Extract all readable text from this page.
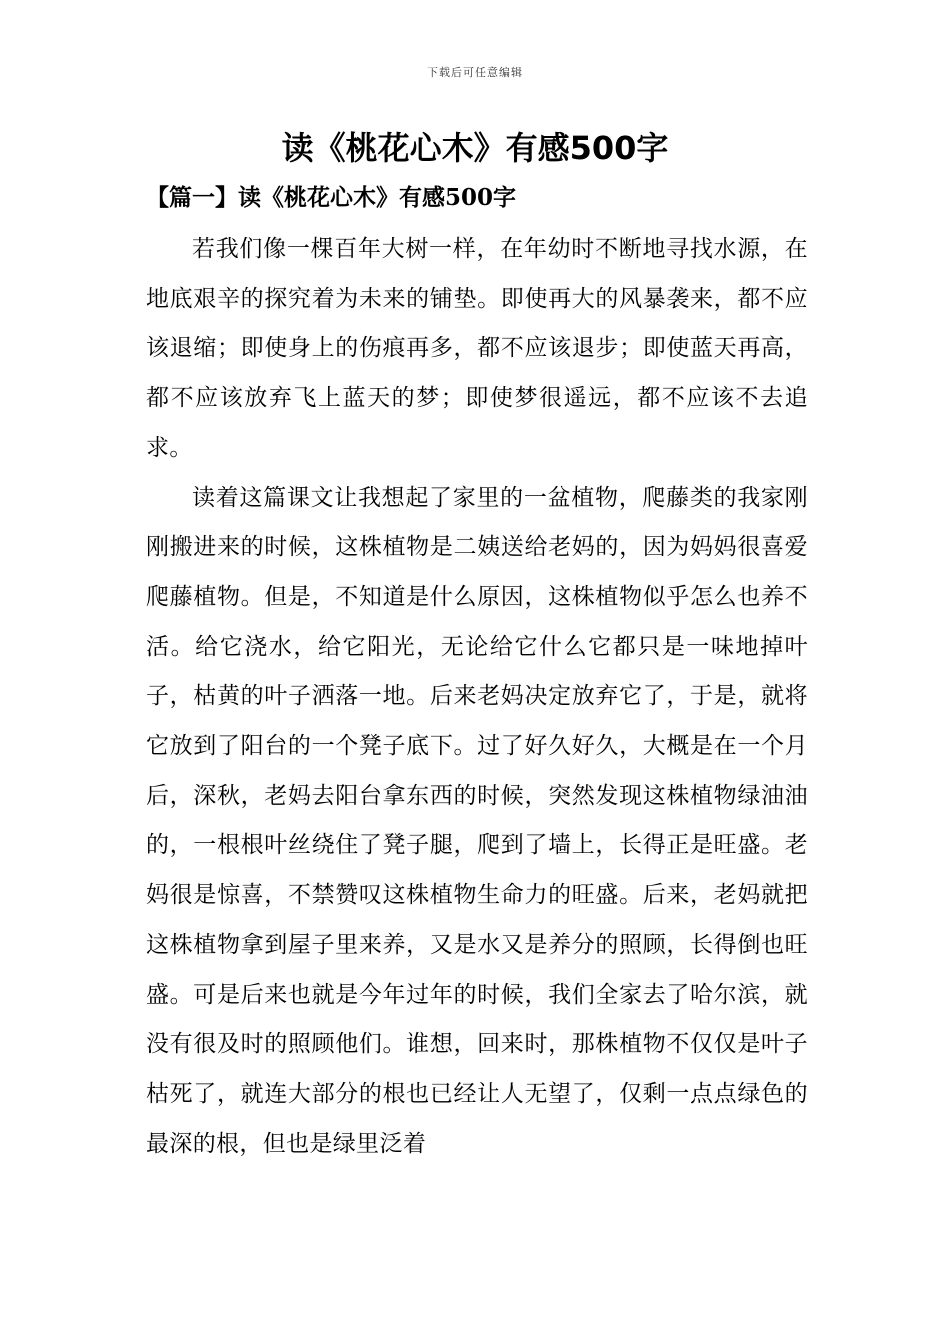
下载后可任意编辑
读《桃花心木》有感500字
【篇一】读《桃花心木》有感500字

若我们像一棵百年大树一样，在年幼时不断地寻找水源，在地底艰辛的探究着为未来的铺垫。即使再大的风暴袭来，都不应该退缩；即使身上的伤痕再多，都不应该退步；即使蓝天再高，都不应该放弃飞上蓝天的梦；即使梦很遥远，都不应该不去追求。

读着这篇课文让我想起了家里的一盆植物，爬藤类的我家刚刚搬进来的时候，这株植物是二姨送给老妈的，因为妈妈很喜爱爬藤植物。但是，不知道是什么原因，这株植物似乎怎么也养不活。给它浇水，给它阳光，无论给它什么它都只是一味地掉叶子，枯黄的叶子洒落一地。后来老妈决定放弃它了，于是，就将它放到了阳台的一个凳子底下。过了好久好久，大概是在一个月后，深秋，老妈去阳台拿东西的时候，突然发现这株植物绿油油的，一根根叶丝绕住了凳子腿，爬到了墙上，长得正是旺盛。老妈很是惊喜，不禁赞叹这株植物生命力的旺盛。后来，老妈就把这株植物拿到屋子里来养，又是水又是养分的照顾，长得倒也旺盛。可是后来也就是今年过年的时候，我们全家去了哈尔滨，就没有很及时的照顾他们。谁想，回来时，那株植物不仅仅是叶子枯死了，就连大部分的根也已经让人无望了，仅剩一点点绿色的最深的根，但也是绿里泛着
